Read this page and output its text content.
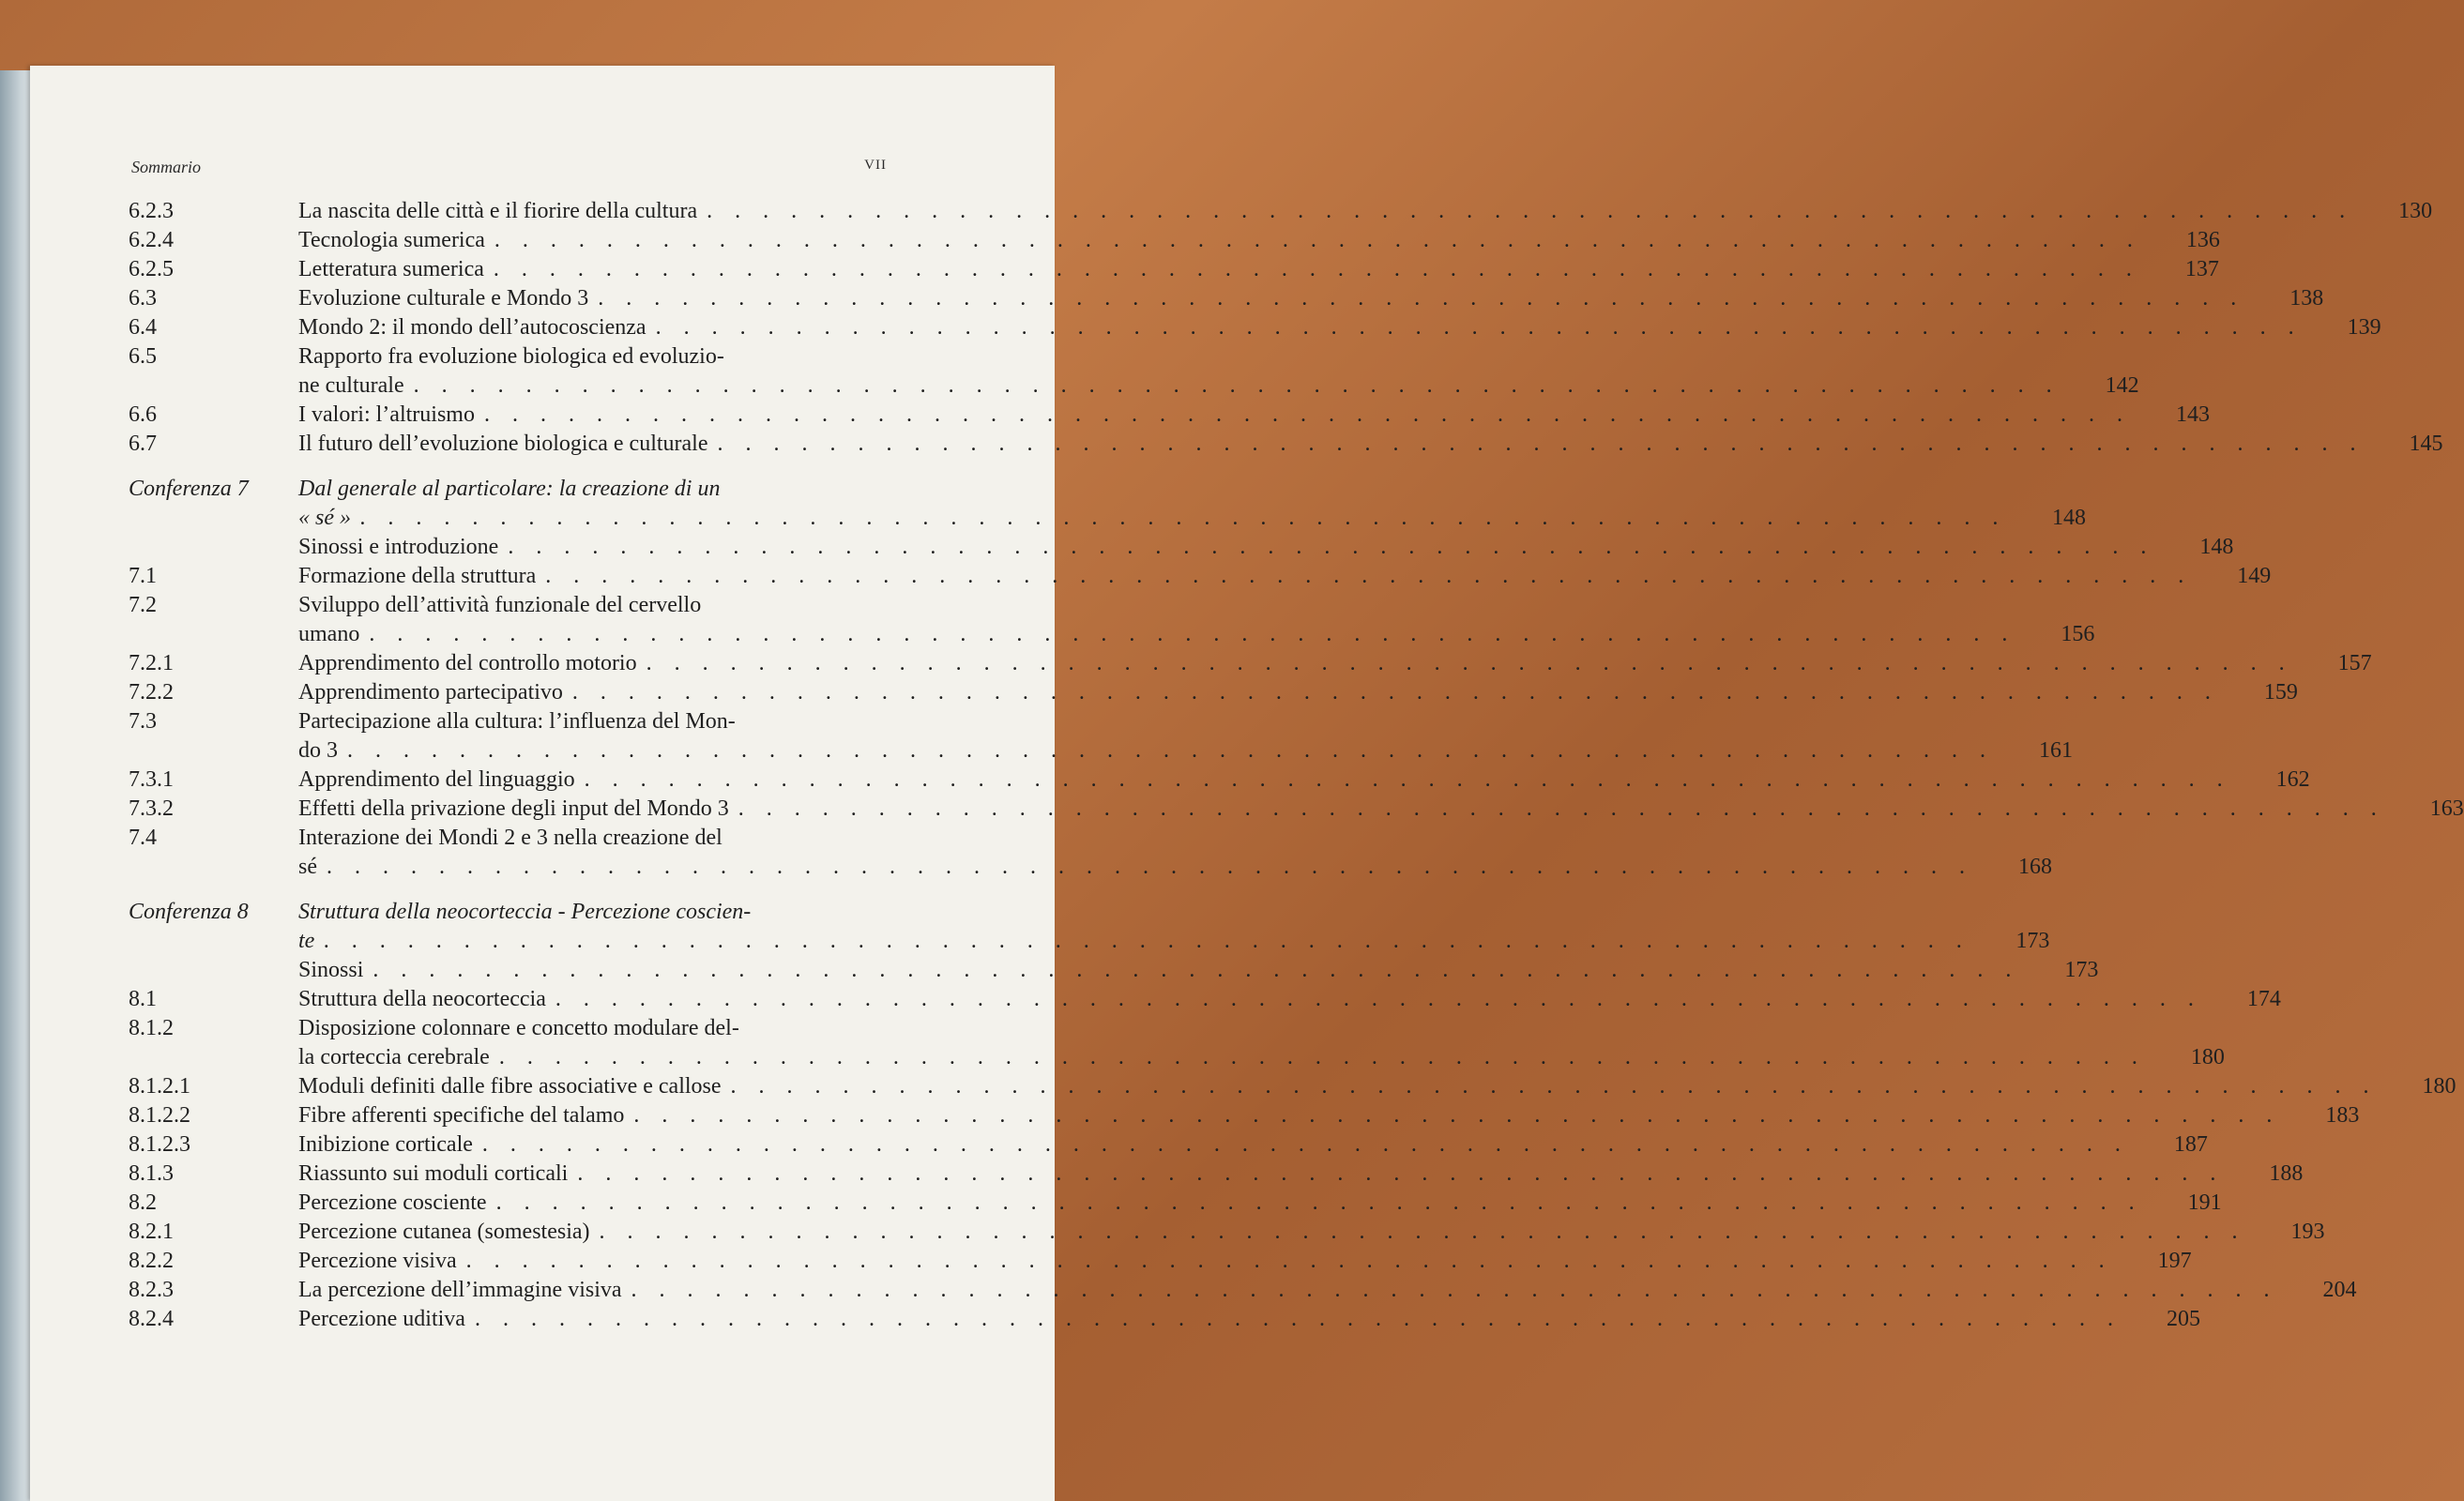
Sommario	VII
6.2.3	La nascita delle città e il fiorire della cultura . . .	130
6.2.4	Tecnologia sumerica . . .	136
6.2.5	Letteratura sumerica . . .	137
6.3	Evoluzione culturale e Mondo 3 . . .	138
6.4	Mondo 2: il mondo dell’autocoscienza . . .	139
6.5	Rapporto fra evoluzione biologica ed evoluzio-
ne culturale . . .	142
6.6	I valori: l’altruismo . . .	143
6.7	Il futuro dell’evoluzione biologica e culturale . . .	145
Conferenza 7	Dal generale al particolare: la creazione di un
« sé » . . .	148
Sinossi e introduzione . . .	148
7.1	Formazione della struttura . . .	149
7.2	Sviluppo dell’attività funzionale del cervello
umano . . .	156
7.2.1	Apprendimento del controllo motorio . . .	157
7.2.2	Apprendimento partecipativo . . .	159
7.3	Partecipazione alla cultura: l’influenza del Mon-
do 3 . . .	161
7.3.1	Apprendimento del linguaggio . . .	162
7.3.2	Effetti della privazione degli input del Mondo 3 . . .	163
7.4	Interazione dei Mondi 2 e 3 nella creazione del
sé . . .	168
Conferenza 8	Struttura della neocorteccia - Percezione coscien-
te . . .	173
Sinossi . . .	173
8.1	Struttura della neocorteccia . . .	174
8.1.2	Disposizione colonnare e concetto modulare del-
la corteccia cerebrale . . .	180
8.1.2.1	Moduli definiti dalle fibre associative e callose . . .	180
8.1.2.2	Fibre afferenti specifiche del talamo . . .	183
8.1.2.3	Inibizione corticale . . .	187
8.1.3	Riassunto sui moduli corticali . . .	188
8.2	Percezione cosciente . . .	191
8.2.1	Percezione cutanea (somestesia) . . .	193
8.2.2	Percezione visiva . . .	197
8.2.3	La percezione dell’immagine visiva . . .	204
8.2.4	Percezione uditiva . . .	205
